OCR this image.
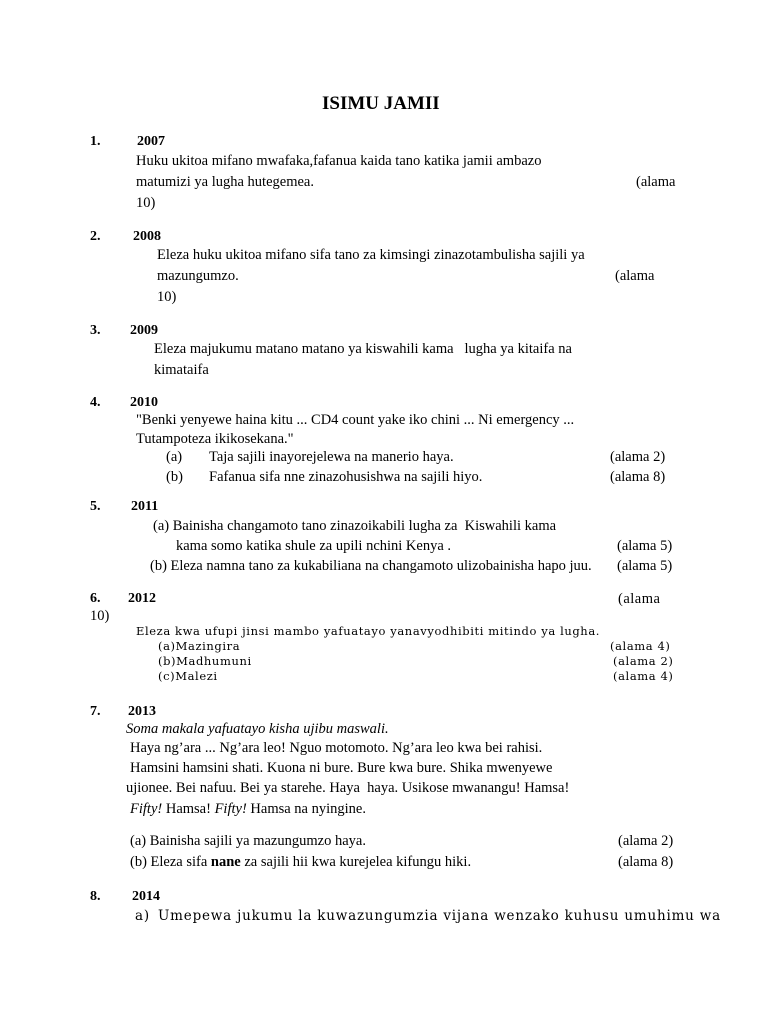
ISIMU JAMII
1.	2007
Huku ukitoa mifano mwafaka,fafanua kaida tano katika jamii ambazo
matumizi ya lugha hutegemea.	(alama
10)
2. 2008
Eleza huku ukitoa mifano sifa tano za kimsingi zinazotambulisha sajili ya
mazungumzo.	(alama
10)
3. 2009
Eleza majukumu matano matano ya kiswahili kama   lugha ya kitaifa na
kimataifa
4. 2010
"Benki yenyewe haina kitu ... CD4 count yake iko chini ... Ni emergency ...
Tutampoteza ikikosekana."
(a) Taja sajili inayorejelewa na manerio haya.	(alama 2)
(b) Fafanua sifa nne zinazohusishwa na sajili hiyo.	(alama 8)
5. 2011
(a) Bainisha changamoto tano zinazoikabili lugha za  Kiswahili kama
kama somo katika shule za upili nchini Kenya .	(alama 5)
(b) Eleza namna tano za kukabiliana na changamoto ulizobainisha hapo juu. (alama 5)
6. 2012	(alama
10)
Eleza kwa ufupi jinsi mambo yafuatayo yanavyodhibiti mitindo ya lugha.
(a)Mazingira	(alama 4)
(b)Madhumuni	(alama 2)
(c)Malezi	(alama 4)
7. 2013
Soma makala yafuatayo kisha ujibu maswali.
Haya ng’ara ... Ng’ara leo! Nguo motomoto. Ng’ara leo kwa bei rahisi.
Hamsini hamsini shati. Kuona ni bure. Bure kwa bure. Shika mwenyewe
ujionee. Bei nafuu. Bei ya starehe. Haya  haya. Usikose mwanangu! Hamsa!
Fifty! Hamsa! Fifty! Hamsa na nyingine.
(a) Bainisha sajili ya mazungumzo haya.	(alama 2)
(b) Eleza sifa nane za sajili hii kwa kurejelea kifungu hiki.	(alama 8)
8. 2014
a) Umepewa jukumu la kuwazungumzia vijana wenzako kuhusu umuhimu wa
